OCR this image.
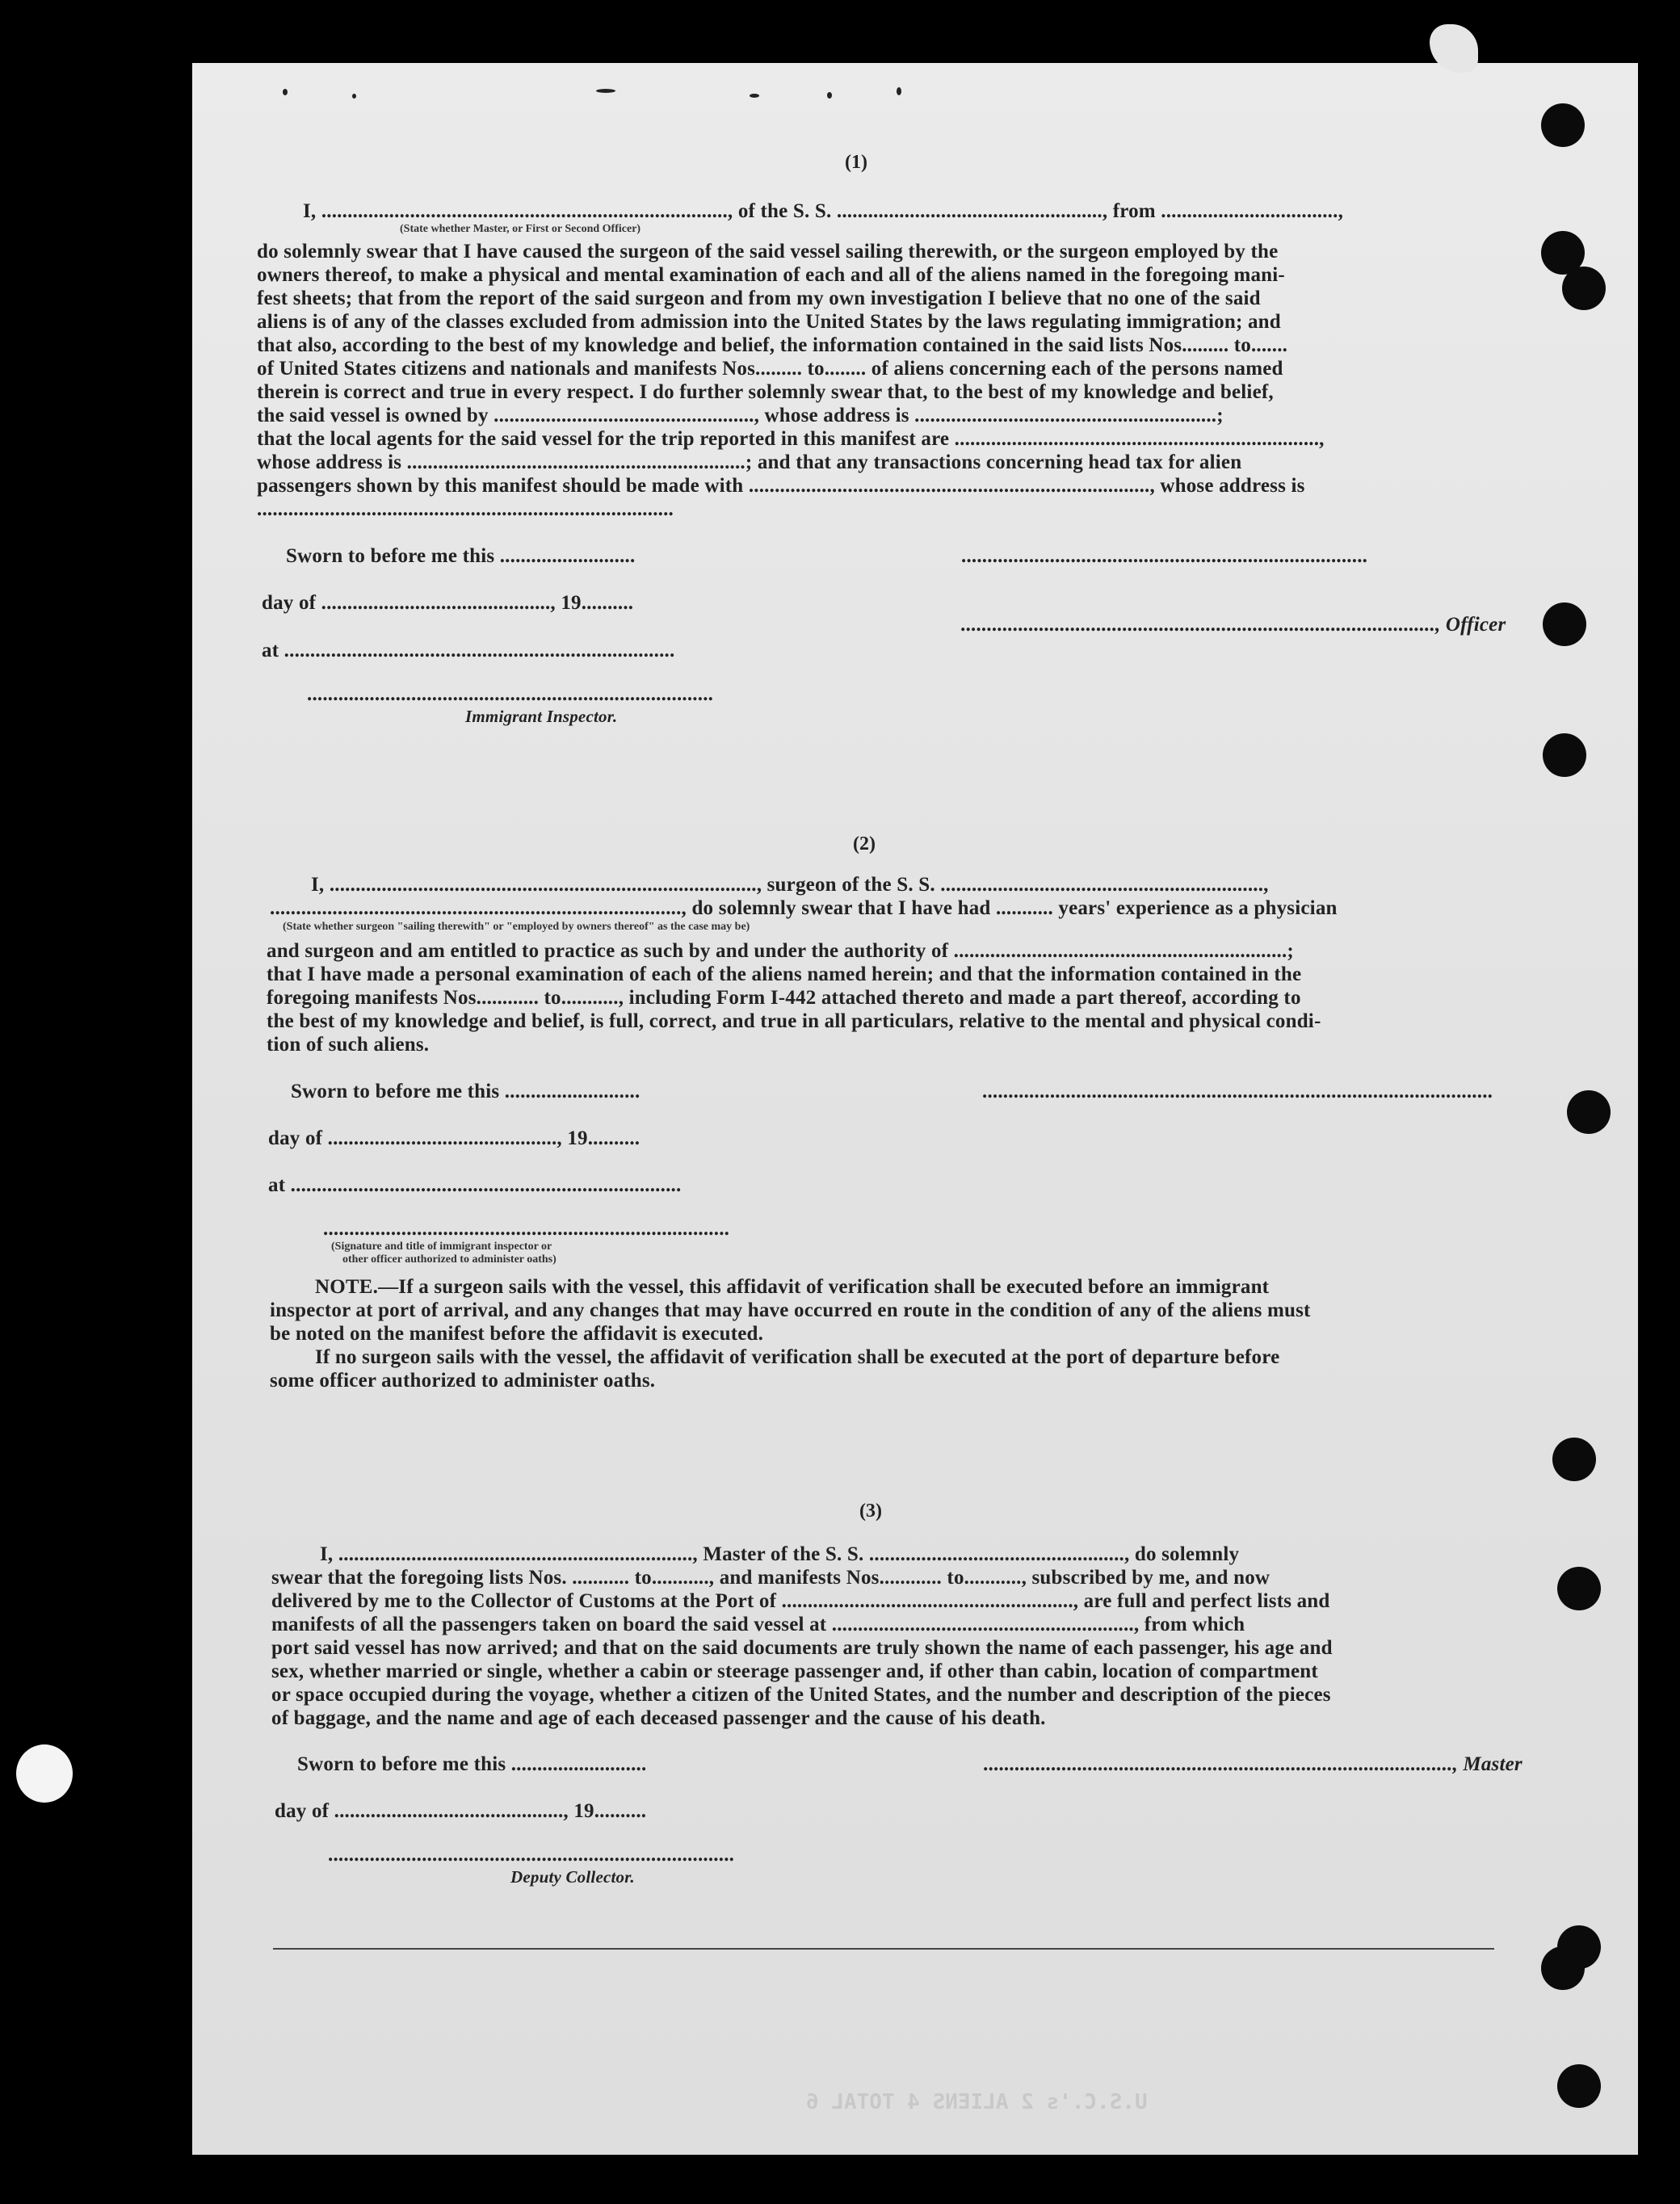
U.S.C.'s 2 ALIENS 4 TOTAL 6
(1)
I, .............................................................................., of the S. S. ..................................................., from ..................................,
(State whether Master, or First or Second Officer)
do solemnly swear that I have caused the surgeon of the said vessel sailing therewith, or the surgeon employed by the
owners thereof, to make a physical and mental examination of each and all of the aliens named in the foregoing mani-
fest sheets; that from the report of the said surgeon and from my own investigation I believe that no one of the said
aliens is of any of the classes excluded from admission into the United States by the laws regulating immigration; and
that also, according to the best of my knowledge and belief, the information contained in the said lists Nos......... to.......
of United States citizens and nationals and manifests Nos......... to........ of aliens concerning each of the persons named
therein is correct and true in every respect. I do further solemnly swear that, to the best of my knowledge and belief,
the said vessel is owned by .................................................., whose address is ..........................................................;
that the local agents for the said vessel for the trip reported in this manifest are ......................................................................,
whose address is .................................................................; and that any transactions concerning head tax for alien
passengers shown by this manifest should be made with ............................................................................., whose address is
................................................................................
Sworn to before me this ..........................	..............................................................................
day of ............................................, 19..........
..........................................................................................., Officer
at ...........................................................................
..............................................................................
Immigrant Inspector.
(2)
I, .................................................................................., surgeon of the S. S. ..............................................................,
..............................................................................., do solemnly swear that I have had ........... years' experience as a physician
(State whether surgeon "sailing therewith" or "employed by owners thereof" as the case may be)
and surgeon and am entitled to practice as such by and under the authority of ................................................................;
that I have made a personal examination of each of the aliens named herein; and that the information contained in the
foregoing manifests Nos............ to..........., including Form I-442 attached thereto and made a part thereof, according to
the best of my knowledge and belief, is full, correct, and true in all particulars, relative to the mental and physical condi-
tion of such aliens.
Sworn to before me this ..........................	..................................................................................................
day of ............................................, 19..........
at ...........................................................................
..............................................................................
(Signature and title of immigrant inspector or
other officer authorized to administer oaths)
NOTE.—If a surgeon sails with the vessel, this affidavit of verification shall be executed before an immigrant
inspector at port of arrival, and any changes that may have occurred en route in the condition of any of the aliens must
be noted on the manifest before the affidavit is executed.
If no surgeon sails with the vessel, the affidavit of verification shall be executed at the port of departure before
some officer authorized to administer oaths.
(3)
I, ...................................................................., Master of the S. S. ................................................., do solemnly
swear that the foregoing lists Nos. ........... to..........., and manifests Nos............ to..........., subscribed by me, and now
delivered by me to the Collector of Customs at the Port of ........................................................, are full and perfect lists and
manifests of all the passengers taken on board the said vessel at .........................................................., from which
port said vessel has now arrived; and that on the said documents are truly shown the name of each passenger, his age and
sex, whether married or single, whether a cabin or steerage passenger and, if other than cabin, location of compartment
or space occupied during the voyage, whether a citizen of the United States, and the number and description of the pieces
of baggage, and the name and age of each deceased passenger and the cause of his death.
Sworn to before me this ..........................	.........................................................................................., Master
day of ............................................, 19..........
..............................................................................
Deputy Collector.
